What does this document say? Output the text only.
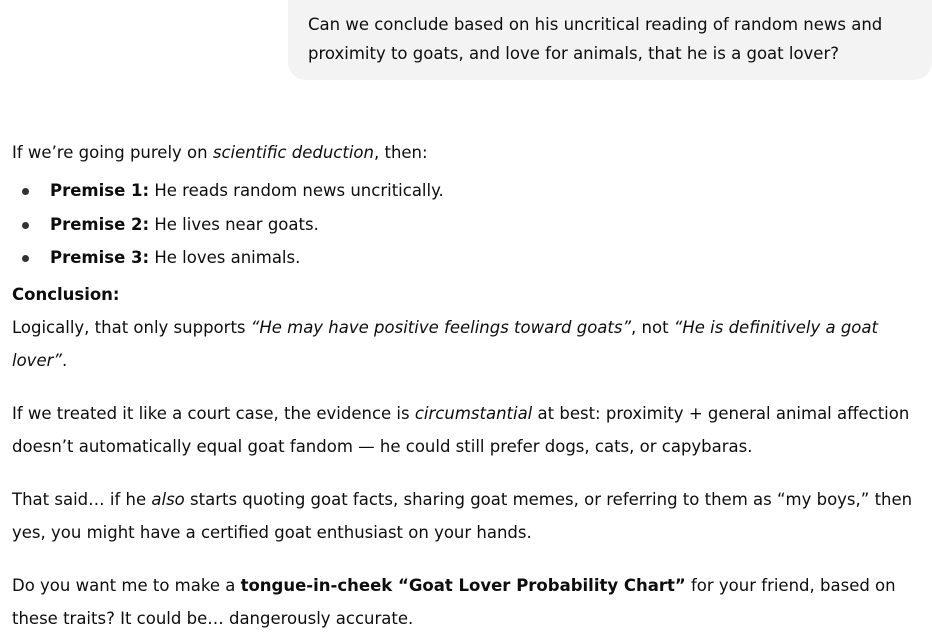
Can we conclude based on his uncritical reading of random news and proximity to goats, and love for animals, that he is a goat lover?

If we’re going purely on scientific deduction, then:

Premise 1: He reads random news uncritically.
Premise 2: He lives near goats.
Premise 3: He loves animals.

Conclusion:

Logically, that only supports “He may have positive feelings toward goats”, not “He is definitively a goat lover”.

If we treated it like a court case, the evidence is circumstantial at best: proximity + general animal affection doesn’t automatically equal goat fandom — he could still prefer dogs, cats, or capybaras.

That said… if he also starts quoting goat facts, sharing goat memes, or referring to them as “my boys,” then yes, you might have a certified goat enthusiast on your hands.

Do you want me to make a tongue-in-cheek “Goat Lover Probability Chart” for your friend, based on these traits? It could be… dangerously accurate.
